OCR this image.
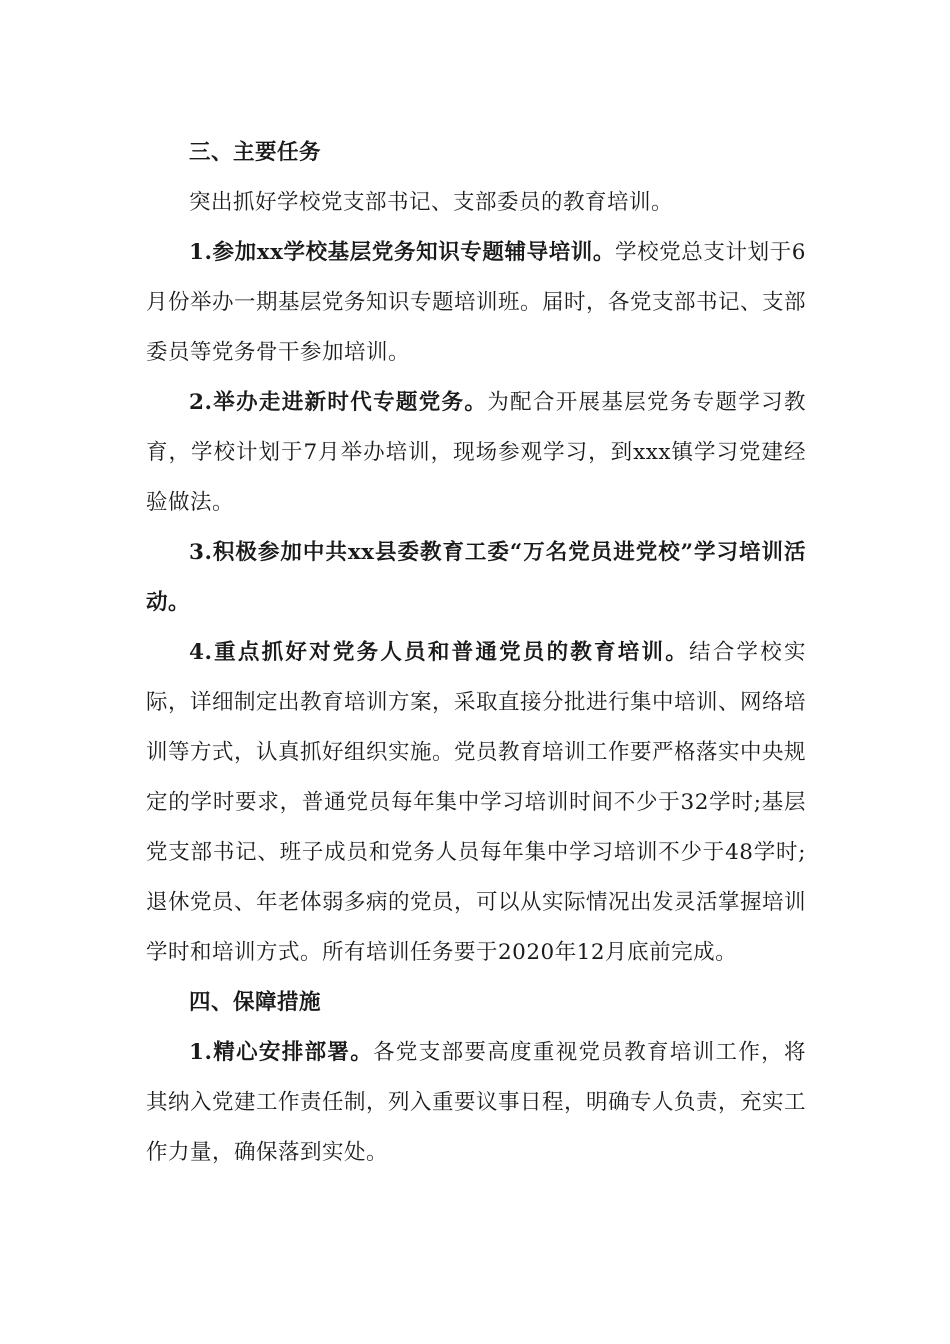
三、主要任务

突出抓好学校党支部书记、支部委员的教育培训。

1.参加xx学校基层党务知识专题辅导培训。学校党总支计划于6月份举办一期基层党务知识专题培训班。届时，各党支部书记、支部委员等党务骨干参加培训。

2.举办走进新时代专题党务。为配合开展基层党务专题学习教育，学校计划于7月举办培训，现场参观学习，到xxx镇学习党建经验做法。

3.积极参加中共xx县委教育工委“万名党员进党校”学习培训活动。

4.重点抓好对党务人员和普通党员的教育培训。结合学校实际，详细制定出教育培训方案，采取直接分批进行集中培训、网络培训等方式，认真抓好组织实施。党员教育培训工作要严格落实中央规定的学时要求，普通党员每年集中学习培训时间不少于32学时;基层党支部书记、班子成员和党务人员每年集中学习培训不少于48学时;退休党员、年老体弱多病的党员，可以从实际情况出发灵活掌握培训学时和培训方式。所有培训任务要于2020年12月底前完成。

四、保障措施

1.精心安排部署。各党支部要高度重视党员教育培训工作，将其纳入党建工作责任制，列入重要议事日程，明确专人负责，充实工作力量，确保落到实处。
